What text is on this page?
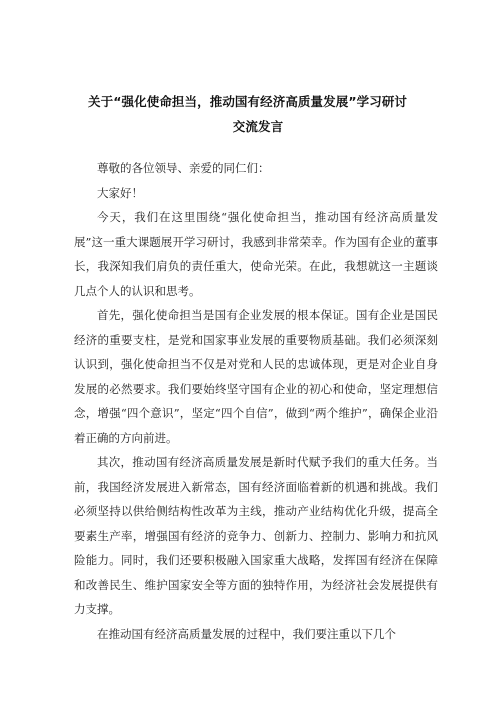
关于“强化使命担当，推动国有经济高质量发展”学习研讨
交流发言

尊敬的各位领导、亲爱的同仁们：

大家好！

今天，我们在这里围绕“强化使命担当，推动国有经济高质量发展”这一重大课题展开学习研讨，我感到非常荣幸。作为国有企业的董事长，我深知我们肩负的责任重大，使命光荣。在此，我想就这一主题谈几点个人的认识和思考。

首先，强化使命担当是国有企业发展的根本保证。国有企业是国民经济的重要支柱，是党和国家事业发展的重要物质基础。我们必须深刻认识到，强化使命担当不仅是对党和人民的忠诚体现，更是对企业自身发展的必然要求。我们要始终坚守国有企业的初心和使命，坚定理想信念，增强“四个意识”，坚定“四个自信”，做到“两个维护”，确保企业沿着正确的方向前进。

其次，推动国有经济高质量发展是新时代赋予我们的重大任务。当前，我国经济发展进入新常态，国有经济面临着新的机遇和挑战。我们必须坚持以供给侧结构性改革为主线，推动产业结构优化升级，提高全要素生产率，增强国有经济的竞争力、创新力、控制力、影响力和抗风险能力。同时，我们还要积极融入国家重大战略，发挥国有经济在保障和改善民生、维护国家安全等方面的独特作用，为经济社会发展提供有力支撑。

在推动国有经济高质量发展的过程中，我们要注重以下几个
